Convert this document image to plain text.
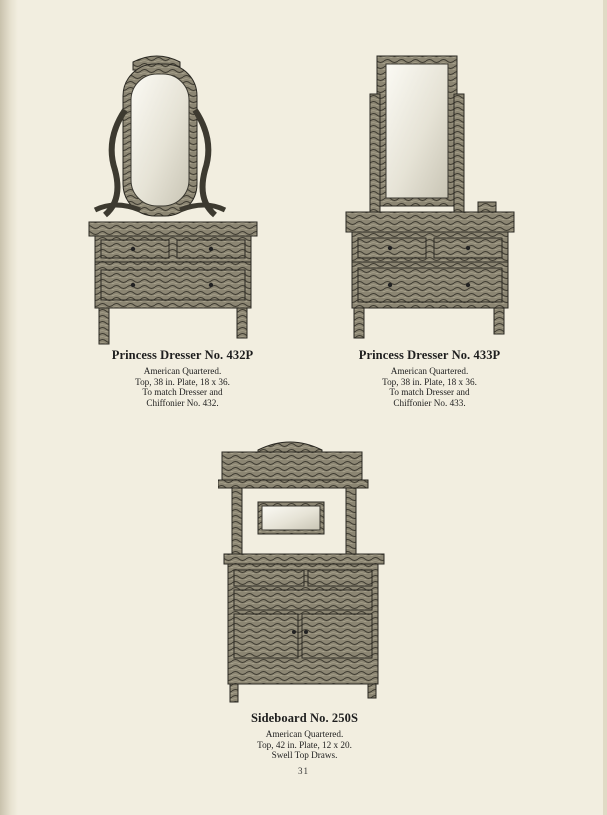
Princess Dresser No. 432P
American Quartered.
Top, 38 in. Plate, 18 x 36.
To match Dresser and
Chiffonier No. 432.
Princess Dresser No. 433P
American Quartered.
Top, 38 in. Plate, 18 x 36.
To match Dresser and
Chiffonier No. 433.
Sideboard No. 250S
American Quartered.
Top, 42 in. Plate, 12 x 20.
Swell Top Draws.
31
